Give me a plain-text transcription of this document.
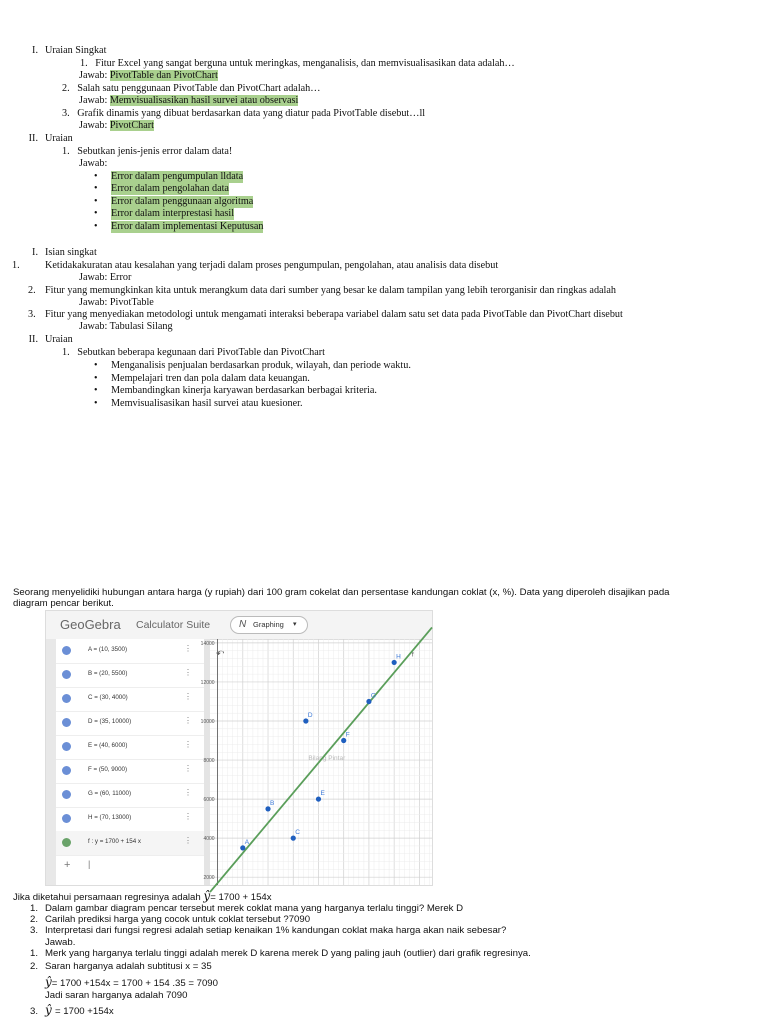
I. Uraian Singkat
1. Fitur Excel yang sangat berguna untuk meringkas, menganalisis, dan memvisualisasikan data adalah…
Jawab: PivotTable dan PivotChart
2. Salah satu penggunaan PivotTable dan PivotChart adalah…
Jawab: Memvisualisasikan hasil survei atau observasi
3. Grafik dinamis yang dibuat berdasarkan data yang diatur pada PivotTable disebut…ll
Jawab: PivotChart
II. Uraian
1. Sebutkan jenis-jenis error dalam data!
Jawab:
• Error dalam pengumpulan lldata
• Error dalam pengolahan data
• Error dalam penggunaan algoritma
• Error dalam interprestasi hasil
• Error dalam implementasi Keputusan
I. Isian singkat
1. Ketidakakuratan atau kesalahan yang terjadi dalam proses pengumpulan, pengolahan, atau analisis data disebut
Jawab: Error
2. Fitur yang memungkinkan kita untuk merangkum data dari sumber yang besar ke dalam tampilan yang lebih terorganisir dan ringkas adalah
Jawab: PivotTable
3. Fitur yang menyediakan metodologi untuk mengamati interaksi beberapa variabel dalam satu set data pada PivotTable dan PivotChart disebut
Jawab: Tabulasi Silang
II. Uraian
1. Sebutkan beberapa kegunaan dari PivotTable dan PivotChart
• Menganalisis penjualan berdasarkan produk, wilayah, dan periode waktu.
• Mempelajari tren dan pola dalam data keuangan.
• Membandingkan kinerja karyawan berdasarkan berbagai kriteria.
• Memvisualisasikan hasil survei atau kuesioner.
Seorang menyelidiki hubungan antara harga (y rupiah) dari 100 gram cokelat dan persentase kandungan coklat (x, %). Data yang diperoleh disajikan pada
diagram pencar berikut.
GeoGebra Calculator Suite	N Graphing ▾
A = (10, 3500)	⋮
B = (20, 5500)	⋮
C = (30, 4000)	⋮
D = (35, 10000)	⋮
E = (40, 6000)	⋮
F = (50, 9000)	⋮
G = (60, 11000)	⋮
H = (70, 13000)	⋮
f : y = 1700 + 154 x	⋮
+ |
↶
14000
12000
10000
8000
6000
4000
2000
Bilang Pintar
f
A
B
C
D
E
F
G
H
Jika diketahui persamaan regresinya adalah ŷ= 1700 + 154x
1. Dalam gambar diagram pencar tersebut merek coklat mana yang harganya terlalu tinggi? Merek D
2. Carilah prediksi harga yang cocok untuk coklat tersebut ?7090
3. Interpretasi dari fungsi regresi adalah setiap kenaikan 1% kandungan coklat maka harga akan naik sebesar?
Jawab.
1. Merk yang harganya terlalu tinggi adalah merek D karena merek D yang paling jauh (outlier) dari grafik regresinya.
2. Saran harganya adalah subtitusi x = 35
ŷ= 1700 +154x = 1700 + 154 .35 = 7090
Jadi saran harganya adalah 7090
3. ŷ = 1700 +154x
